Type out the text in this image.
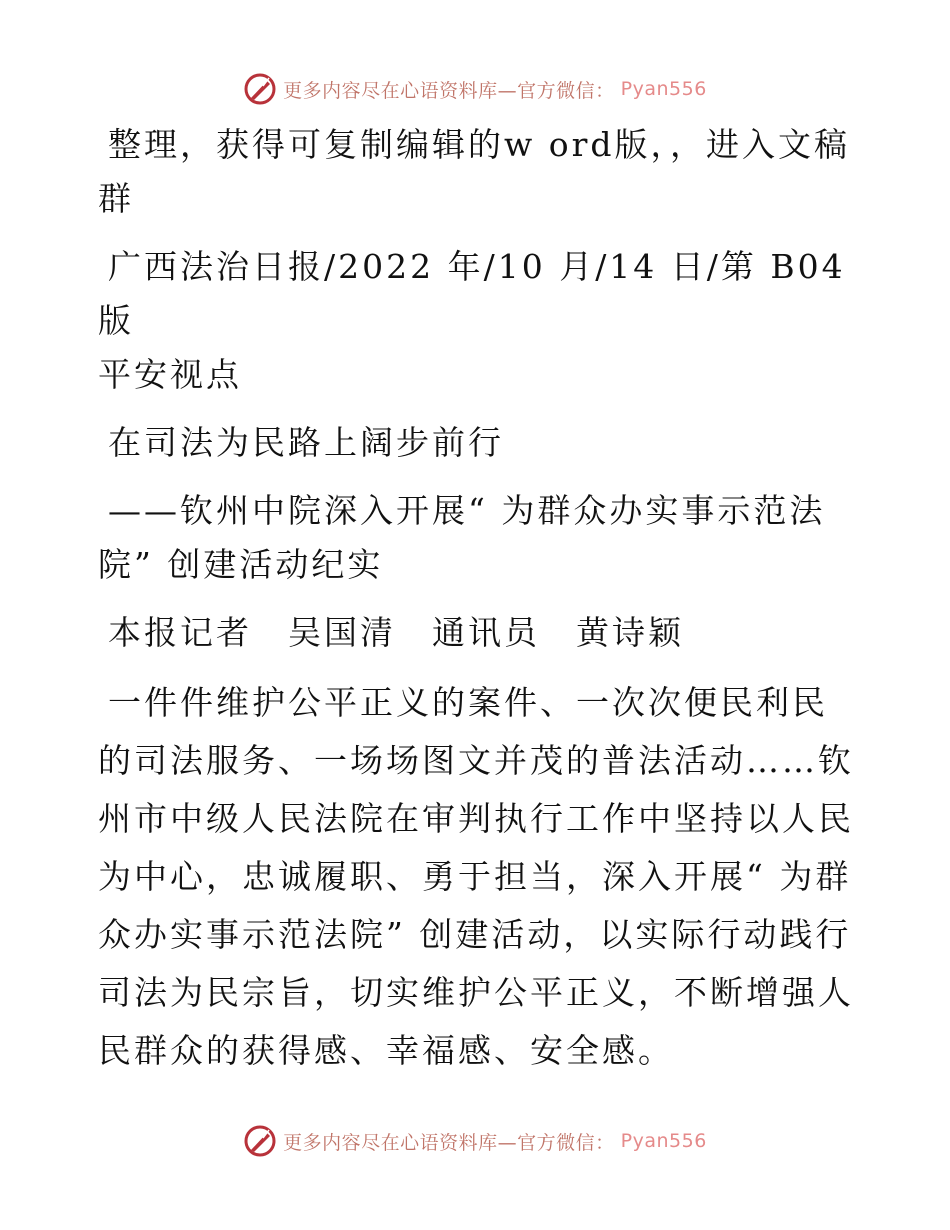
更多内容尽在心语资料库—官方微信： Pyan556

整理，获得可复制编辑的w ord版，，进入文稿群

广西法治日报/2022 年/10 月/14 日/第 B04 版

平安视点

在司法为民路上阔步前行

——钦州中院深入开展“ 为群众办实事示范法院” 创建活动纪实

本报记者　吴国清　通讯员　黄诗颖

一件件维护公平正义的案件、一次次便民利民的司法服务、一场场图文并茂的普法活动……钦州市中级人民法院在审判执行工作中坚持以人民为中心，忠诚履职、勇于担当，深入开展“ 为群众办实事示范法院” 创建活动，以实际行动践行司法为民宗旨，切实维护公平正义，不断增强人民群众的获得感、幸福感、安全感。

更多内容尽在心语资料库—官方微信： Pyan556
